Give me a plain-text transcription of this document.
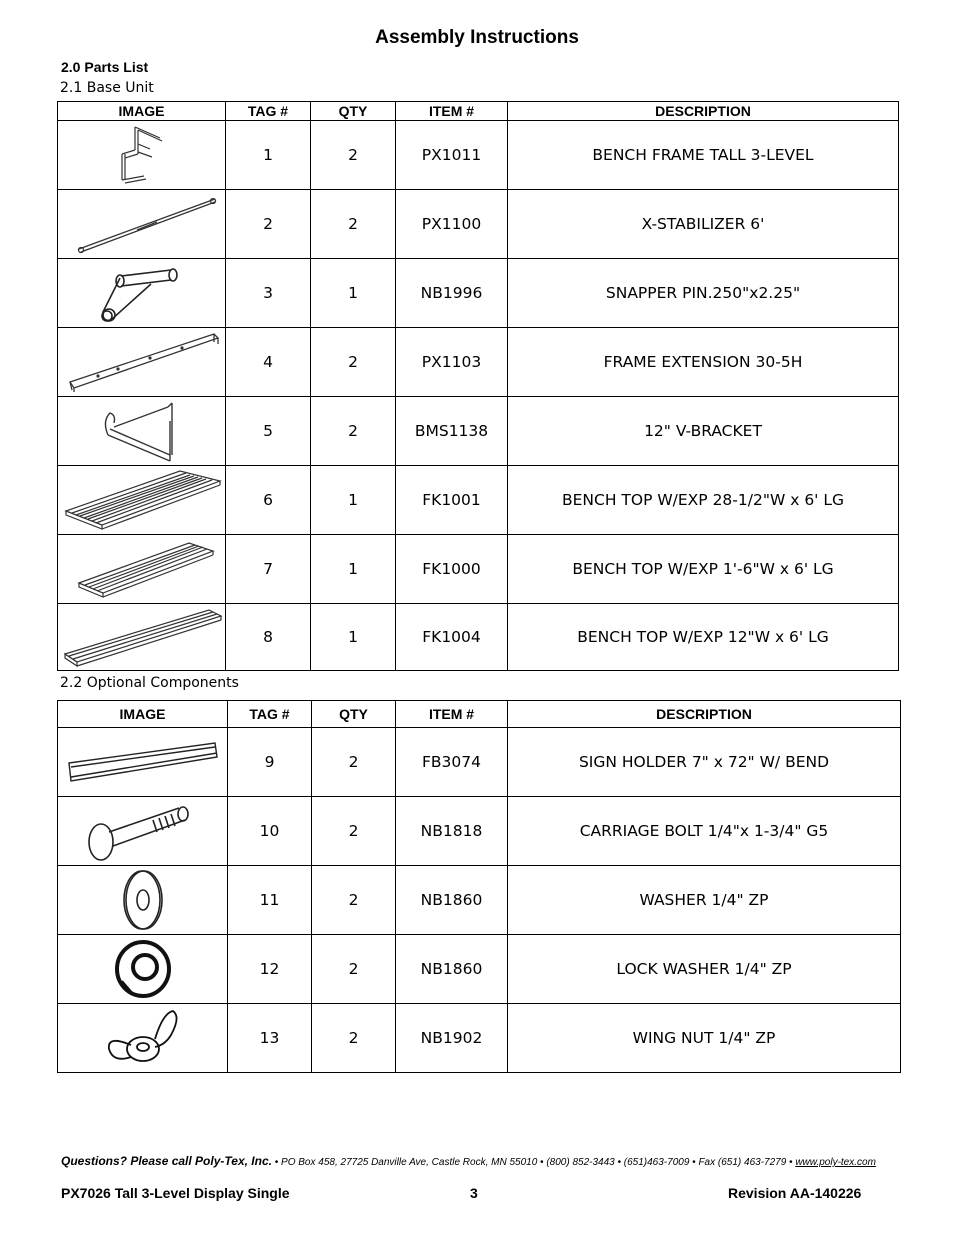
Assembly Instructions
2.0 Parts List
2.1 Base Unit
IMAGE	TAG #	QTY	ITEM #	DESCRIPTION

	1	2	PX1011	BENCH FRAME TALL 3-LEVEL

	2	2	PX1100	X-STABILIZER 6'

	3	1	NB1996	SNAPPER PIN.250"x2.25"

	4	2	PX1103	FRAME EXTENSION 30-5H

	5	2	BMS1138	12" V-BRACKET

	6	1	FK1001	BENCH TOP W/EXP 28-1/2"W x 6' LG

	7	1	FK1000	BENCH TOP W/EXP 1'-6"W x 6' LG

	8	1	FK1004	BENCH TOP W/EXP 12"W x 6' LG
2.2 Optional Components
IMAGE	TAG #	QTY	ITEM #	DESCRIPTION

	9	2	FB3074	SIGN HOLDER 7" x 72" W/ BEND

	10	2	NB1818	CARRIAGE BOLT 1/4"x 1-3/4" G5

	11	2	NB1860	WASHER 1/4" ZP

	12	2	NB1860	LOCK WASHER 1/4" ZP

	13	2	NB1902	WING NUT 1/4" ZP
Questions? Please call Poly-Tex, Inc. • PO Box 458, 27725 Danville Ave, Castle Rock, MN 55010 • (800) 852-3443 • (651)463-7009 • Fax (651) 463-7279 • www.poly-tex.com
PX7026 Tall 3-Level Display Single	3	Revision AA-140226
